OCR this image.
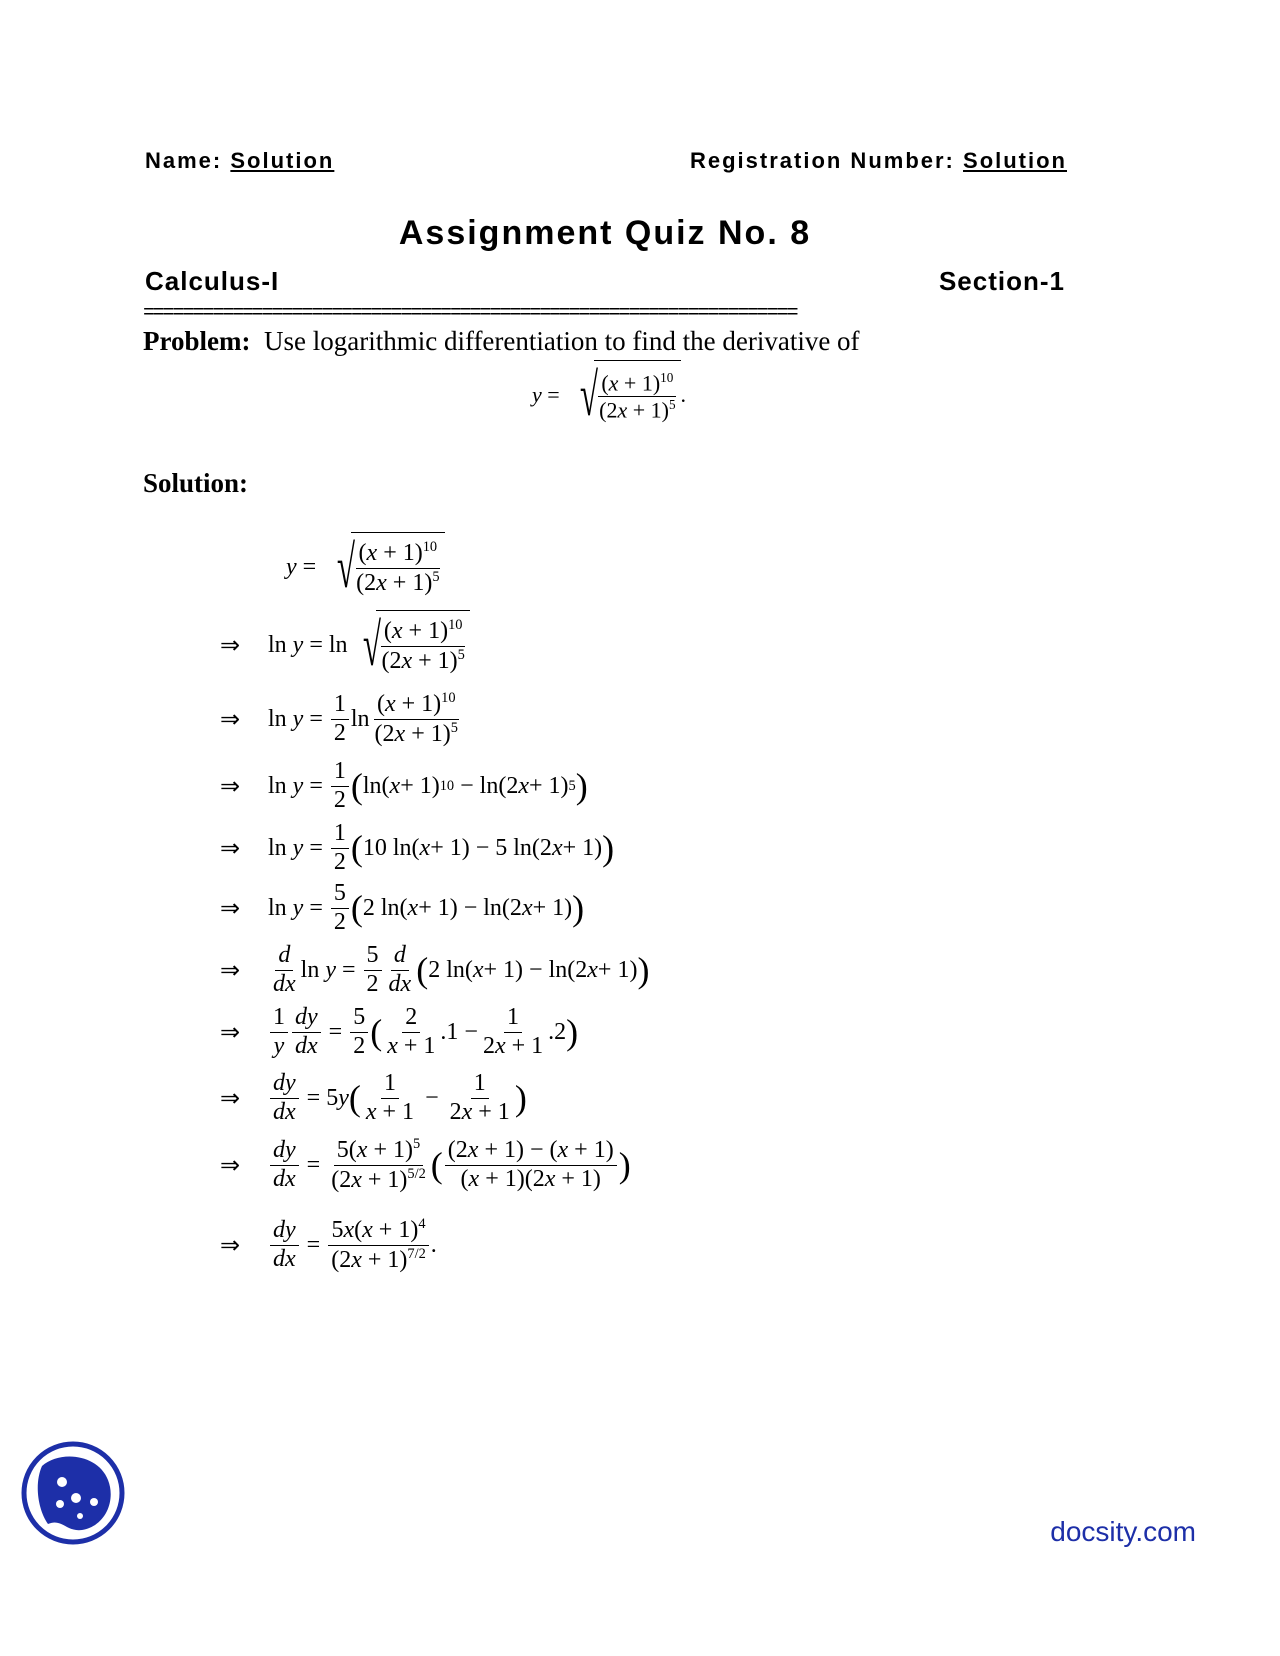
Name: Solution	Registration Number: Solution
Assignment Quiz No. 8
Calculus-I	Section-1
==================================================================
Problem: Use logarithmic differentiation to find the derivative of
y = √
$\frac{(x + 1)^{10}}{(2x + 1)^5}$ .
Solution:
y = √
$\frac{(x + 1)^{10}}{(2x + 1)^5}$
⇒	ln y = ln √
$\frac{(x + 1)^{10}}{(2x + 1)^5}$
⇒	$\ln y = \frac{1}{2}$ $\ln \frac{(x + 1)^{10}}{(2x + 1)^5}$
⇒	$\ln y = \frac{1}{2}$ ( ln( x + 1) 10 − ln(2 x + 1) 5 )
⇒	$\ln y = \frac{1}{2}$ ( 10 ln( x + 1) − 5 ln(2 x + 1) )
⇒	$\ln y = \frac{5}{2}$ ( 2 ln( x + 1) − ln(2 x + 1) )
⇒	$\frac{d}{dx}$ $\ln y = \frac{5}{2} \frac{d}{dx}$ ( 2 ln( x + 1) − ln(2 x + 1) )
⇒	$\frac{1}{y} \frac{dy}{dx} = \frac{5}{2}$ ( $\frac{2}{x + 1} .1 - \frac{1}{2x + 1} .2$ )
⇒	$\frac{dy}{dx} = 5$ y ( $\frac{1}{x + 1} - \frac{1}{2x + 1}$ )
⇒	$\frac{dy}{dx} = \frac{5(x + 1)^5}{(2x + 1)^{5/2}}$ ( $\frac{(2x + 1) - (x + 1)}{(x + 1)(2x + 1)}$ )
⇒	$\frac{dy}{dx} = \frac{5x(x + 1)^4}{(2x + 1)^{7/2}}$ .
docsity.com
